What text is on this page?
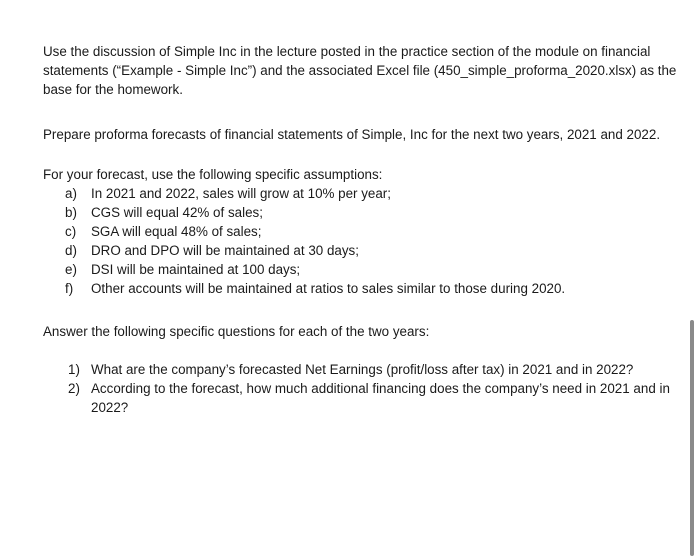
Use the discussion of Simple Inc in the lecture posted in the practice section of the module on financial statements (“Example - Simple Inc”) and the associated Excel file (450_simple_proforma_2020.xlsx) as the base for the homework.

Prepare proforma forecasts of financial statements of Simple, Inc for the next two years, 2021 and 2022.

For your forecast, use the following specific assumptions:

a) In 2021 and 2022, sales will grow at 10% per year;
b) CGS will equal 42% of sales;
c) SGA will equal 48% of sales;
d) DRO and DPO will be maintained at 30 days;
e) DSI will be maintained at 100 days;
f) Other accounts will be maintained at ratios to sales similar to those during 2020.

Answer the following specific questions for each of the two years:

1) What are the company’s forecasted Net Earnings (profit/loss after tax) in 2021 and in 2022?
2) According to the forecast, how much additional financing does the company’s need in 2021 and in 2022?
